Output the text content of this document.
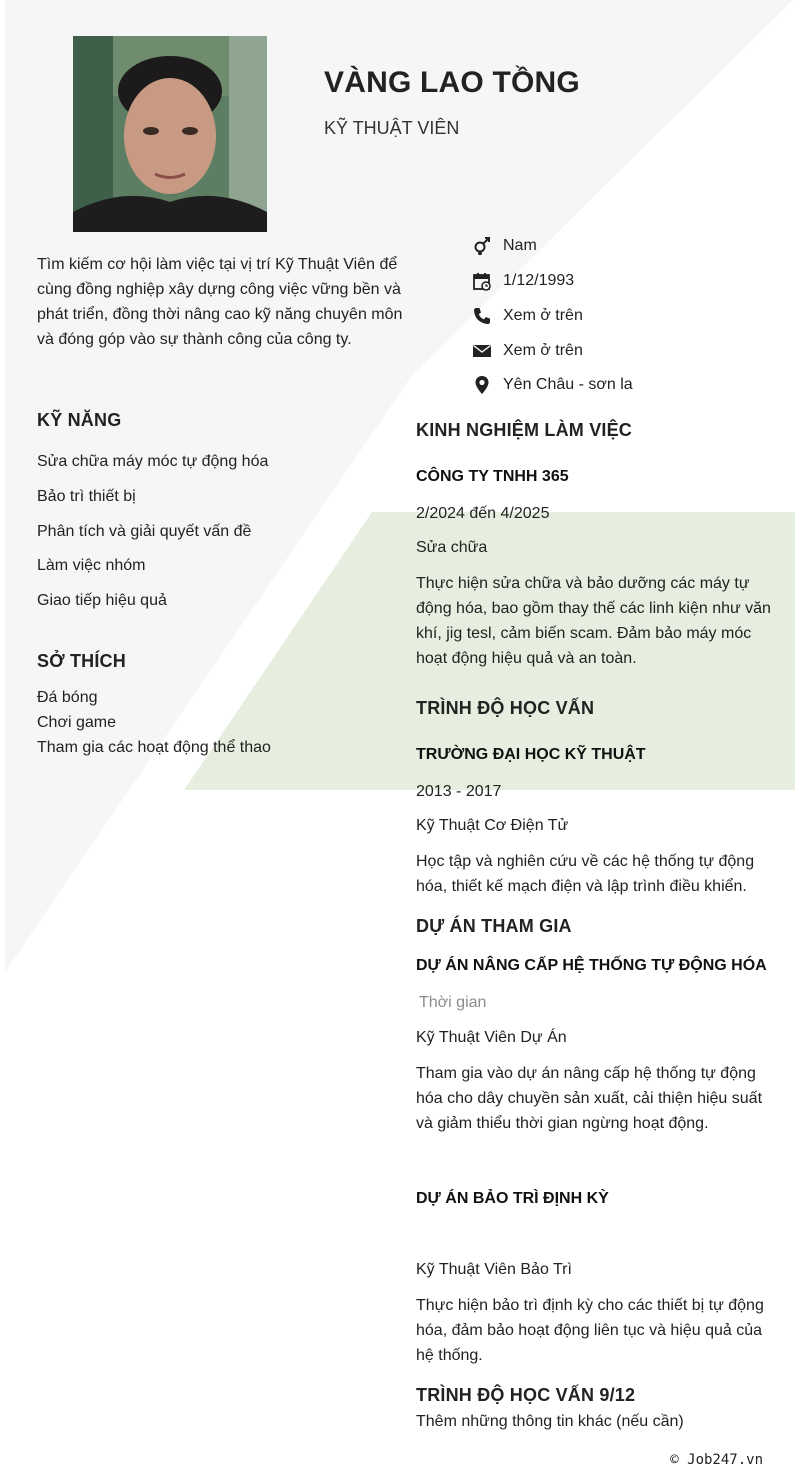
VÀNG LAO TỒNG
KỸ THUẬT VIÊN
Tìm kiếm cơ hội làm việc tại vị trí Kỹ Thuật Viên để cùng đồng nghiệp xây dựng công việc vững bền và phát triển, đồng thời nâng cao kỹ năng chuyên môn và đóng góp vào sự thành công của công ty.
Nam
1/12/1993
Xem ở trên
Xem ở trên
Yên Châu - sơn la
KỸ NĂNG
Sửa chữa máy móc tự động hóa
Bảo trì thiết bị
Phân tích và giải quyết vấn đề
Làm việc nhóm
Giao tiếp hiệu quả
SỞ THÍCH
Đá bóng
Chơi game
Tham gia các hoạt động thể thao
KINH NGHIỆM LÀM VIỆC
CÔNG TY TNHH 365
2/2024 đến 4/2025
Sửa chữa
Thực hiện sửa chữa và bảo dưỡng các máy tự động hóa, bao gồm thay thế các linh kiện như văn khí, jig tesl, cảm biến scam. Đảm bảo máy móc hoạt động hiệu quả và an toàn.
TRÌNH ĐỘ HỌC VẤN
TRƯỜNG ĐẠI HỌC KỸ THUẬT
2013 - 2017
Kỹ Thuật Cơ Điện Tử
Học tập và nghiên cứu về các hệ thống tự động hóa, thiết kế mạch điện và lập trình điều khiển.
DỰ ÁN THAM GIA
DỰ ÁN NÂNG CẤP HỆ THỐNG TỰ ĐỘNG HÓA
Thời gian
Kỹ Thuật Viên Dự Án
Tham gia vào dự án nâng cấp hệ thống tự động hóa cho dây chuyền sản xuất, cải thiện hiệu suất và giảm thiểu thời gian ngừng hoạt động.
DỰ ÁN BẢO TRÌ ĐỊNH KỲ
Kỹ Thuật Viên Bảo Trì
Thực hiện bảo trì định kỳ cho các thiết bị tự động hóa, đảm bảo hoạt động liên tục và hiệu quả của hệ thống.
TRÌNH ĐỘ HỌC VẤN 9/12
Thêm những thông tin khác (nếu cần)
© Job247.vn
